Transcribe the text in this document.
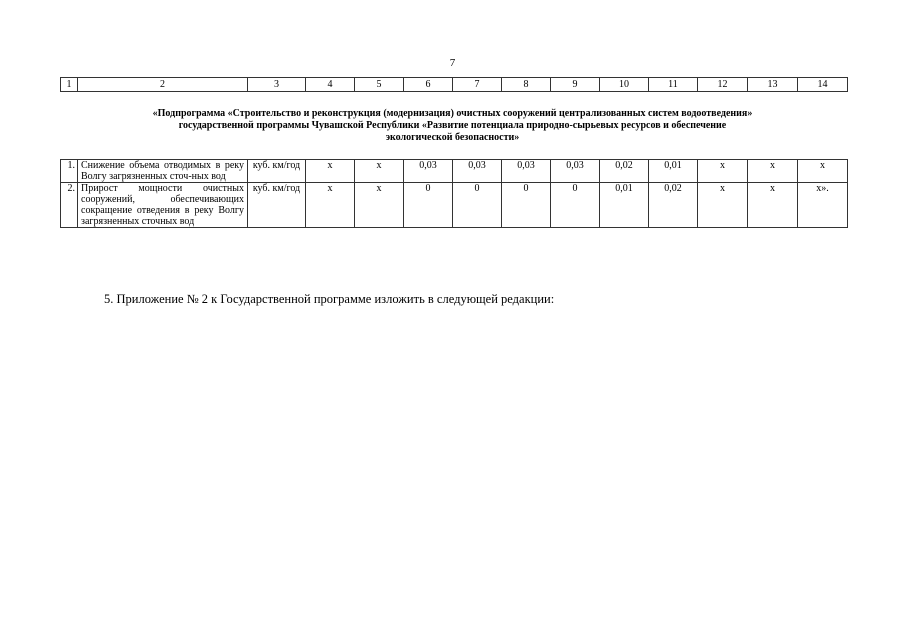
7
1	2	3	4	5	6	7	8	9	10	11	12	13	14
«Подпрограмма «Строительство и реконструкция (модернизация) очистных сооружений централизованных систем водоотведения»
государственной программы Чувашской Республики «Развитие потенциала природно-сырьевых ресурсов и обеспечение
экологической безопасности»
1.	Снижение объема отводимых в реку Волгу загрязненных сточ-ных вод	куб. км/год	x	x	0,03	0,03	0,03	0,03	0,02	0,01	x	x	x
2.	Прирост мощности очистных сооружений, обеспечивающих сокращение отведения в реку Волгу загрязненных сточных вод	куб. км/год	x	x	0	0	0	0	0,01	0,02	x	x	x».
5. Приложение № 2 к Государственной программе изложить в следующей редакции:
